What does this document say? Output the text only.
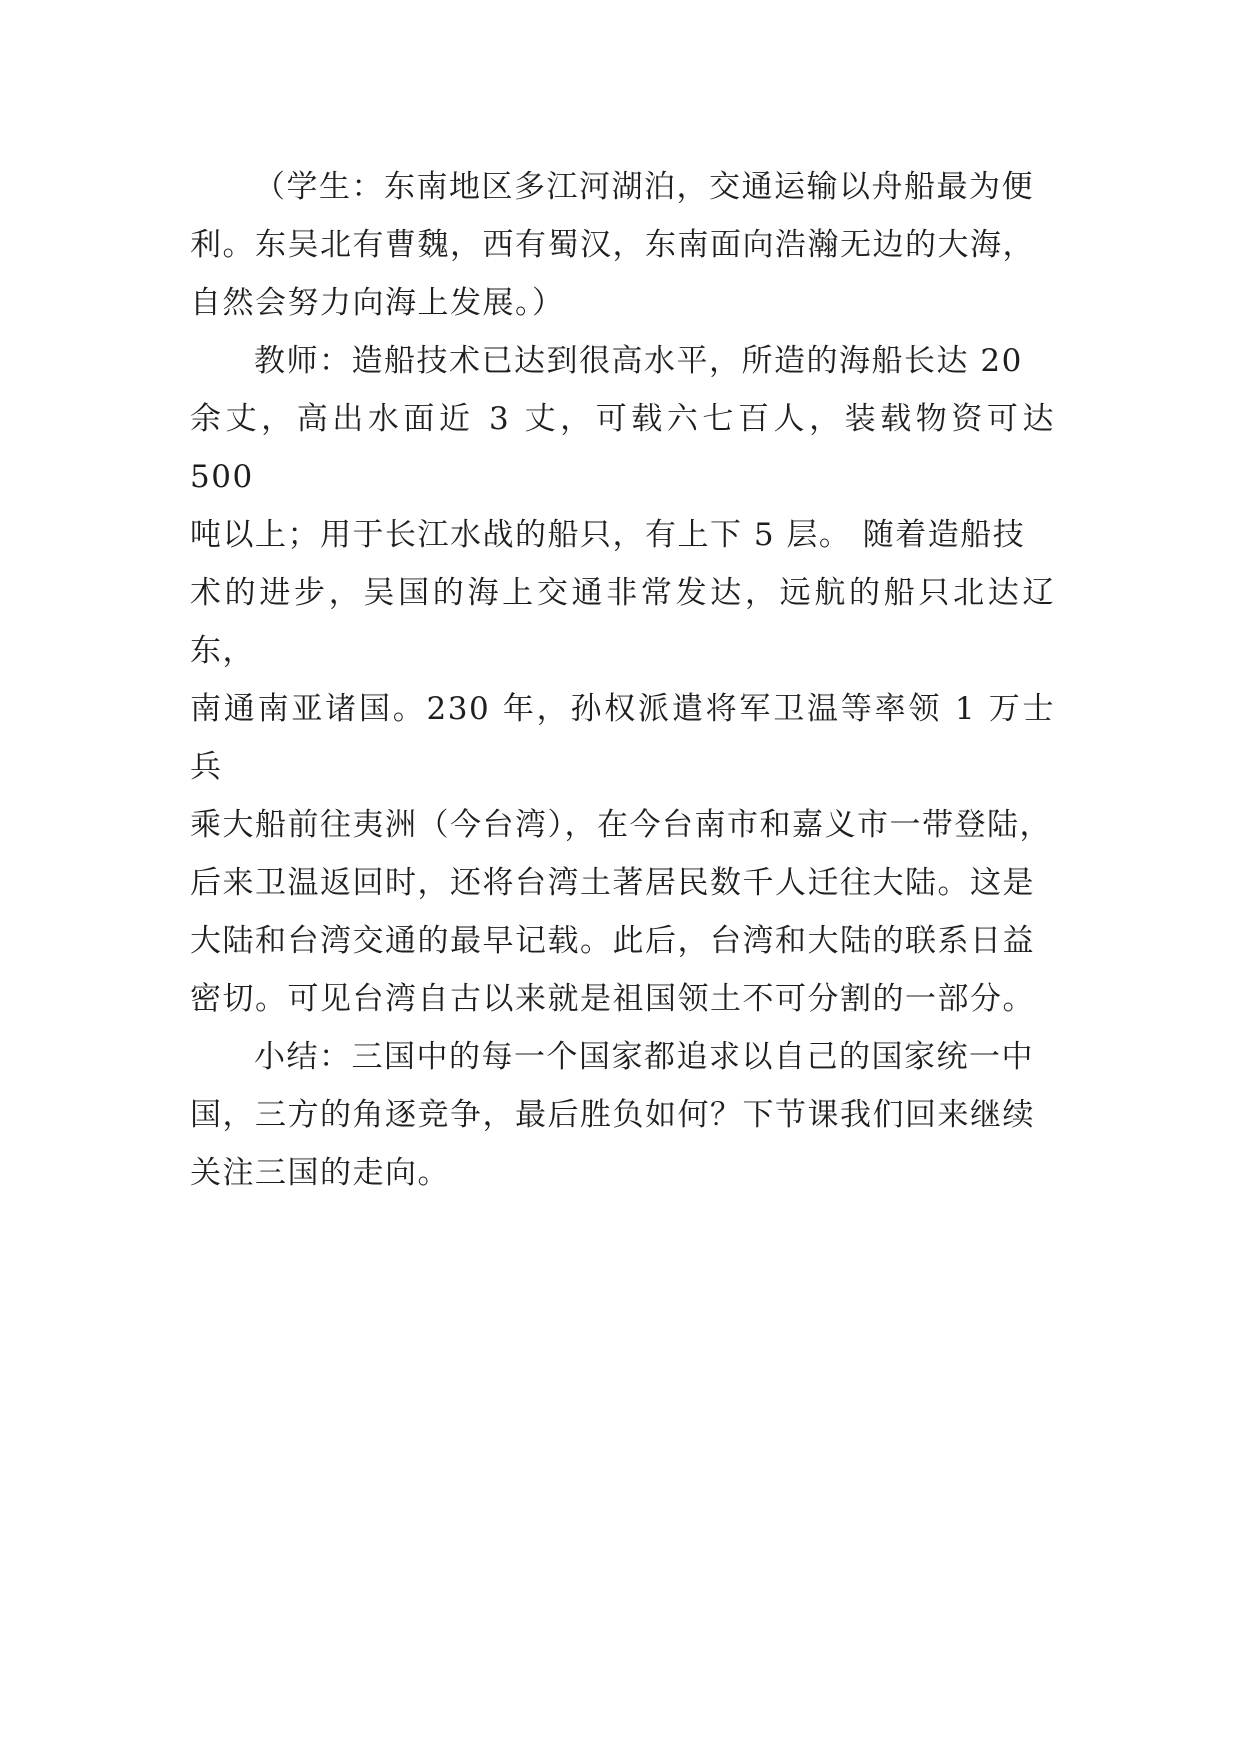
（学生：东南地区多江河湖泊，交通运输以舟船最为便
利。东吴北有曹魏，西有蜀汉，东南面向浩瀚无边的大海，
自然会努力向海上发展。）

教师：造船技术已达到很高水平，所造的海船长达 20
余丈，高出水面近 3 丈，可载六七百人，装载物资可达 500
吨以上；用于长江水战的船只，有上下 5 层。 随着造船技
术的进步，吴国的海上交通非常发达，远航的船只北达辽东，
南通南亚诸国。230 年，孙权派遣将军卫温等率领 1 万士兵
乘大船前往夷洲（今台湾），在今台南市和嘉义市一带登陆，
后来卫温返回时，还将台湾土著居民数千人迁往大陆。这是
大陆和台湾交通的最早记载。此后，台湾和大陆的联系日益
密切。可见台湾自古以来就是祖国领土不可分割的一部分。

小结：三国中的每一个国家都追求以自己的国家统一中
国，三方的角逐竞争，最后胜负如何？下节课我们回来继续
关注三国的走向。
